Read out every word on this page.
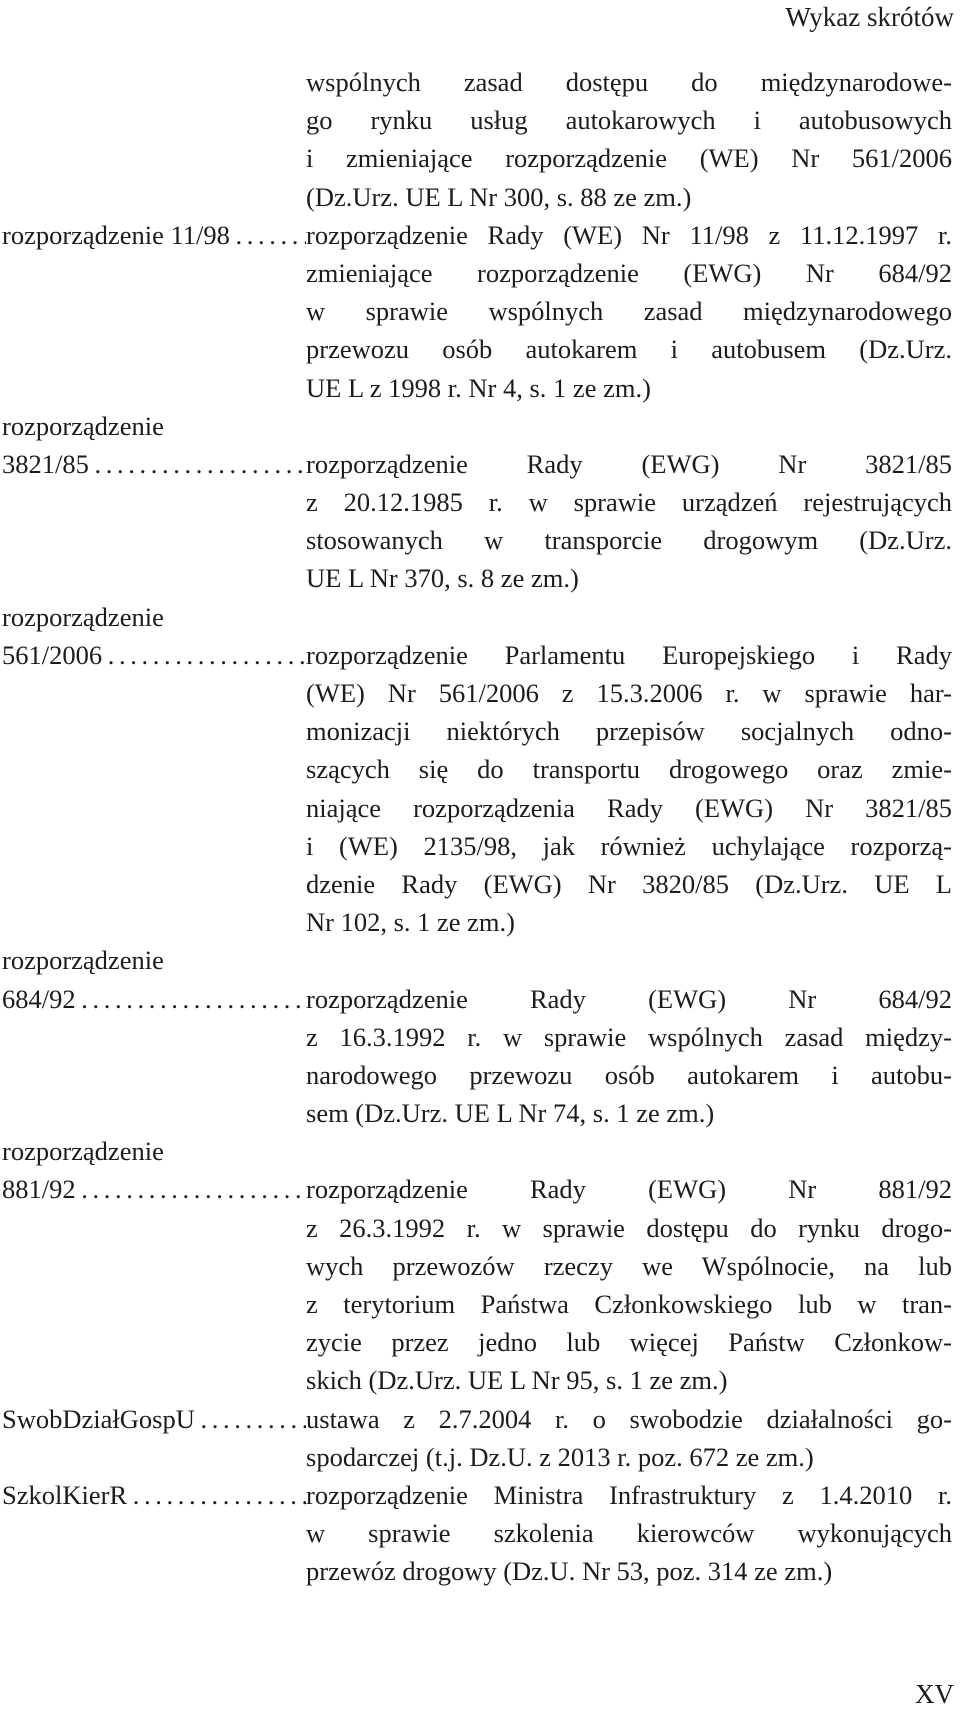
Wykaz skrótów
wspólnych zasad dostępu do międzynarodowe-
go rynku usług autokarowych i autobusowych
i zmieniające rozporządzenie (WE) Nr 561/2006
(Dz.Urz. UE L Nr 300, s. 88 ze zm.)
rozporządzenie 11/98 . . .	rozporządzenie Rady (WE) Nr 11/98 z 11.12.1997 r.
zmieniające rozporządzenie (EWG) Nr 684/92
w sprawie wspólnych zasad międzynarodowego
przewozu osób autokarem i autobusem (Dz.Urz.
UE L z 1998 r. Nr 4, s. 1 ze zm.)
rozporządzenie
3821/85 . . .	rozporządzenie Rady (EWG) Nr 3821/85
z 20.12.1985 r. w sprawie urządzeń rejestrujących
stosowanych w transporcie drogowym (Dz.Urz.
UE L Nr 370, s. 8 ze zm.)
rozporządzenie
561/2006 . . .	rozporządzenie Parlamentu Europejskiego i Rady
(WE) Nr 561/2006 z 15.3.2006 r. w sprawie har-
monizacji niektórych przepisów socjalnych odno-
szących się do transportu drogowego oraz zmie-
niające rozporządzenia Rady (EWG) Nr 3821/85
i (WE) 2135/98, jak również uchylające rozporzą-
dzenie Rady (EWG) Nr 3820/85 (Dz.Urz. UE L
Nr 102, s. 1 ze zm.)
rozporządzenie
684/92 . . .	rozporządzenie Rady (EWG) Nr 684/92
z 16.3.1992 r. w sprawie wspólnych zasad między-
narodowego przewozu osób autokarem i autobu-
sem (Dz.Urz. UE L Nr 74, s. 1 ze zm.)
rozporządzenie
881/92 . . .	rozporządzenie Rady (EWG) Nr 881/92
z 26.3.1992 r. w sprawie dostępu do rynku drogo-
wych przewozów rzeczy we Wspólnocie, na lub
z terytorium Państwa Członkowskiego lub w tran-
zycie przez jedno lub więcej Państw Członkow-
skich (Dz.Urz. UE L Nr 95, s. 1 ze zm.)
SwobDziałGospU . . .	ustawa z 2.7.2004 r. o swobodzie działalności go-
spodarczej (t.j. Dz.U. z 2013 r. poz. 672 ze zm.)
SzkolKierR . . .	rozporządzenie Ministra Infrastruktury z 1.4.2010 r.
w sprawie szkolenia kierowców wykonujących
przewóz drogowy (Dz.U. Nr 53, poz. 314 ze zm.)
XV
